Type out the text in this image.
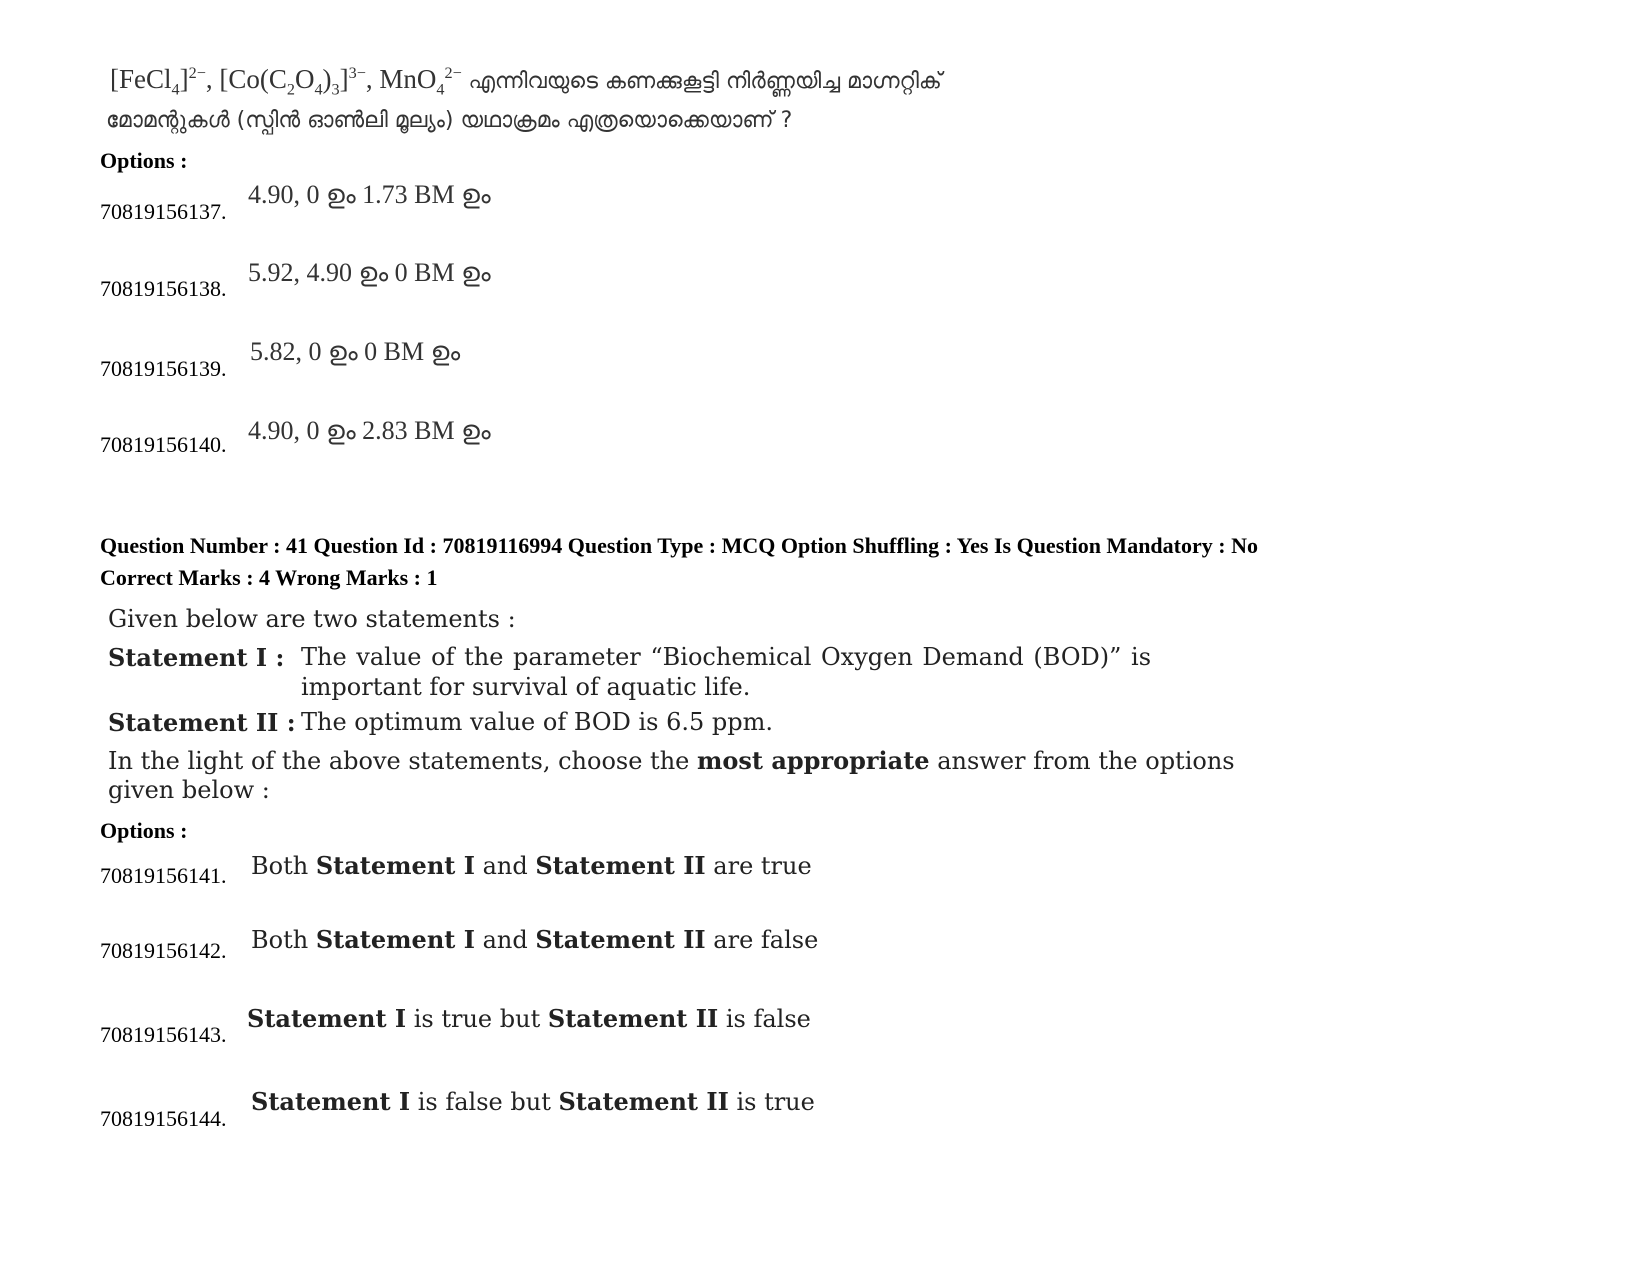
[FeCl$_4$]$^{2-}$, $[Co(C_2O_4)_3]^{3-}$, MnO$_4^{2-}$ എന്നിവയുടെ കണക്കുകൂട്ടി നിർണ്ണയിച്ച മാഗ്നറ്റിക്
മോമന്റുകൾ (സ്പിൻ ഓൺലി മൂല്യം) യഥാക്രമം എത്രയൊക്കെയാണ് ?
Options :
70819156137.
4.90, 0 ഉം 1.73 BM ഉം
70819156138.
5.92, 4.90 ഉം 0 BM ഉം
70819156139.
5.82, 0 ഉം 0 BM ഉം
70819156140. 4.90, 0 ഉം 2.83 BM ഉം
Question Number : 41 Question Id : 70819116994 Question Type : MCQ Option Shuffling : Yes Is Question Mandatory : No
Correct Marks : 4 Wrong Marks : 1
Given below are two statements :
Statement I : The value of the parameter “Biochemical Oxygen Demand (BOD)” is
important for survival of aquatic life.
Statement II : The optimum value of BOD is 6.5 ppm.
In the light of the above statements, choose the most appropriate answer from the options
given below :
Options :
70819156141. Both Statement I and Statement II are true
70819156142. Both Statement I and Statement II are false
70819156143.
Statement I is true but Statement II is false
70819156144.
Statement I is false but Statement II is true
